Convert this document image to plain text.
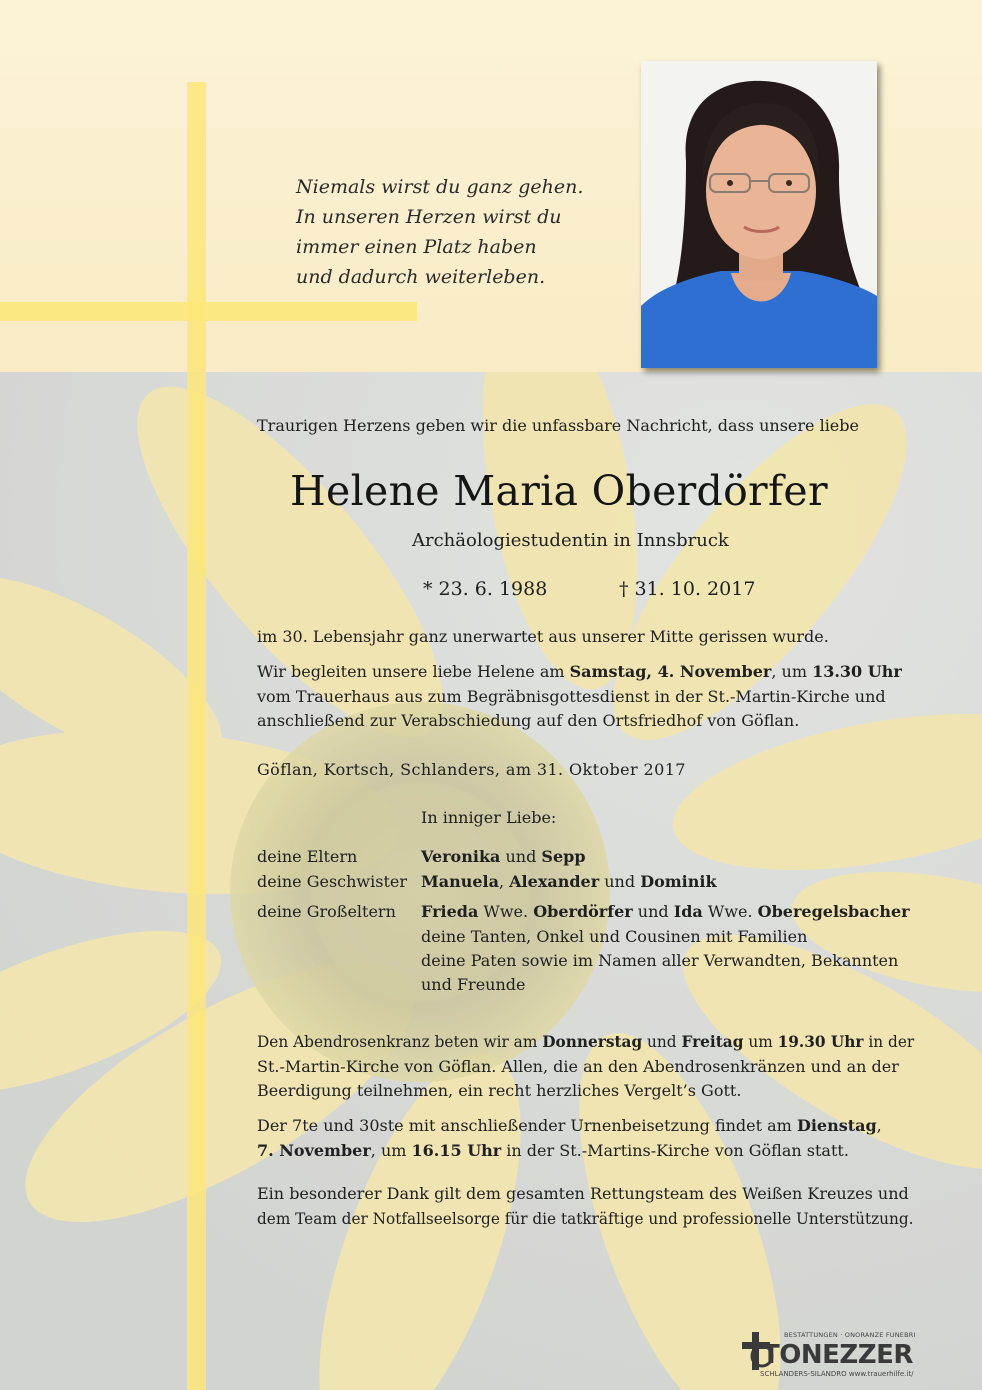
Niemals wirst du ganz gehen.
In unseren Herzen wirst du
immer einen Platz haben
und dadurch weiterleben.
Traurigen Herzens geben wir die unfassbare Nachricht, dass unsere liebe
Helene Maria Oberdörfer
Archäologiestudentin in Innsbruck
* 23. 6. 1988	† 31. 10. 2017
im 30. Lebensjahr ganz unerwartet aus unserer Mitte gerissen wurde.
Wir begleiten unsere liebe Helene am Samstag, 4. November, um 13.30 Uhr
vom Trauerhaus aus zum Begräbnisgottesdienst in der St.-Martin-Kirche und
anschließend zur Verabschiedung auf den Ortsfriedhof von Göflan.
Göflan, Kortsch, Schlanders, am 31. Oktober 2017
In inniger Liebe:
deine Eltern	Veronika und Sepp
deine Geschwister Manuela, Alexander und Dominik
deine Großeltern Frieda Wwe. Oberdörfer und Ida Wwe. Oberegelsbacher
deine Tanten, Onkel und Cousinen mit Familien
deine Paten sowie im Namen aller Verwandten, Bekannten
und Freunde
Den Abendrosenkranz beten wir am Donnerstag und Freitag um 19.30 Uhr in der
St.-Martin-Kirche von Göflan. Allen, die an den Abendrosenkränzen und an der
Beerdigung teilnehmen, ein recht herzliches Vergelt’s Gott.
Der 7te und 30ste mit anschließender Urnenbeisetzung findet am Dienstag,
7. November, um 16.15 Uhr in der St.-Martins-Kirche von Göflan statt.
Ein besonderer Dank gilt dem gesamten Rettungsteam des Weißen Kreuzes und
dem Team der Notfallseelsorge für die tatkräftige und professionelle Unterstützung.
BESTATTUNGEN · ONORANZE FUNEBRI
TONEZZER
SCHLANDERS-SILANDRO www.trauerhilfe.it/
